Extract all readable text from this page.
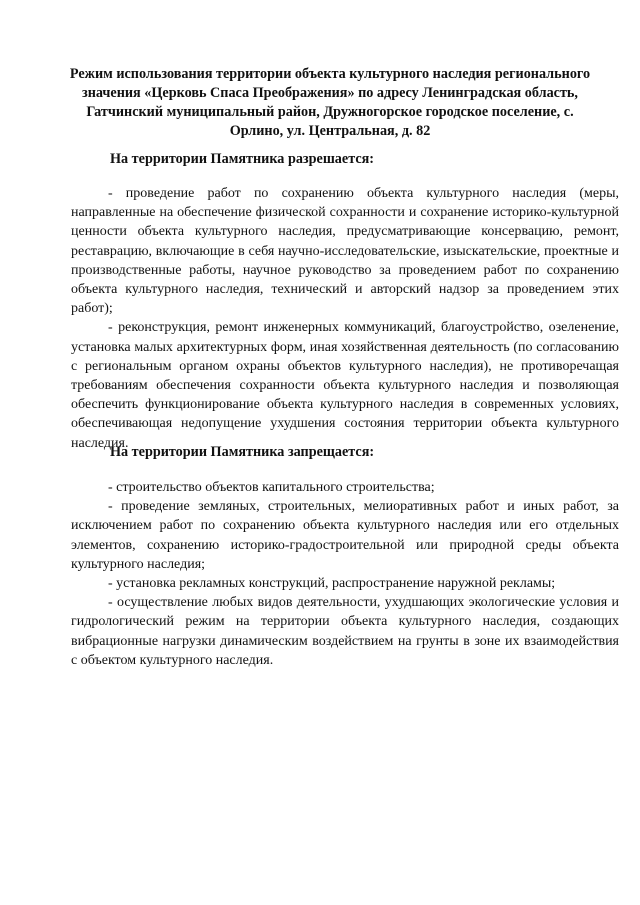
Режим использования территории объекта культурного наследия регионального значения «Церковь Спаса Преображения» по адресу Ленинградская область, Гатчинский муниципальный район, Дружногорское городское поселение, с. Орлино, ул. Центральная, д. 82
На территории Памятника разрешается:

- проведение работ по сохранению объекта культурного наследия (меры, направленные на обеспечение физической сохранности и сохранение историко-культурной ценности объекта культурного наследия, предусматривающие консервацию, ремонт, реставрацию, включающие в себя научно-исследовательские, изыскательские, проектные и производственные работы, научное руководство за проведением работ по сохранению объекта культурного наследия, технический и авторский надзор за проведением этих работ);

- реконструкция, ремонт инженерных коммуникаций, благоустройство, озеленение, установка малых архитектурных форм, иная хозяйственная деятельность (по согласованию с региональным органом охраны объектов культурного наследия), не противоречащая требованиям обеспечения сохранности объекта культурного наследия и позволяющая обеспечить функционирование объекта культурного наследия в современных условиях, обеспечивающая недопущение ухудшения состояния территории объекта культурного наследия.

На территории Памятника запрещается:

- строительство объектов капитального строительства;

- проведение земляных, строительных, мелиоративных работ и иных работ, за исключением работ по сохранению объекта культурного наследия или его отдельных элементов, сохранению историко-градостроительной или природной среды объекта культурного наследия;

- установка рекламных конструкций, распространение наружной рекламы;

- осуществление любых видов деятельности, ухудшающих экологические условия и гидрологический режим на территории объекта культурного наследия, создающих вибрационные нагрузки динамическим воздействием на грунты в зоне их взаимодействия с объектом культурного наследия.
